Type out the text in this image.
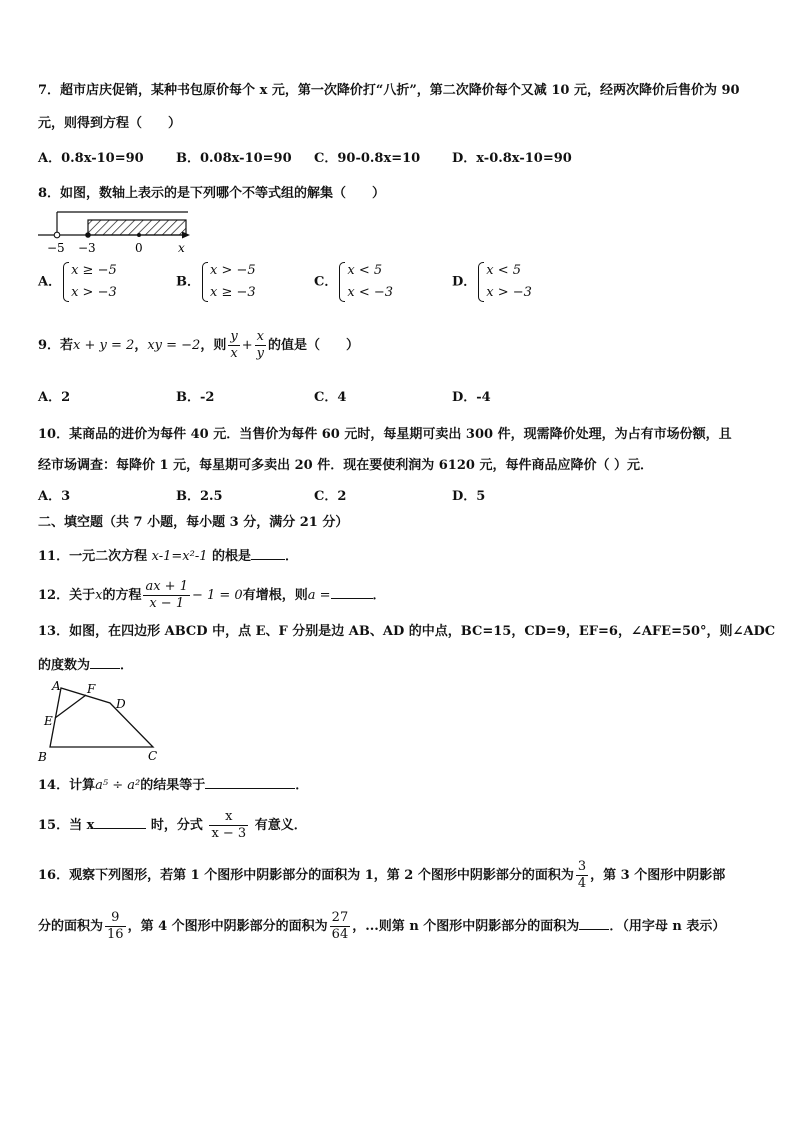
7．超市店庆促销，某种书包原价每个 x 元，第一次降价打“八折”，第二次降价每个又减 10 元，经两次降价后售价为 90
元，则得到方程（　　）
A．0.8x-10=90 B．0.08x-10=90 C．90-0.8x=10 D．x-0.8x-10=90
8．如图，数轴上表示的是下列哪个不等式组的解集（　　）
−5 −3	0	x
A．
x ≥ −5
x > −3
B．
x > −5
x ≥ −3
C．
x < 5
x < −3
D．
x < 5
x > −3
9．若x + y = 2，xy = −2，则 $\frac{y}{x} + \frac{x}{y}$ 的值是（　　）
A．2	B．-2	C．4	D．-4
10．某商品的进价为每件 40 元．当售价为每件 60 元时，每星期可卖出 300 件，现需降价处理，为占有市场份额，且
经市场调查：每降价 1 元，每星期可多卖出 20 件．现在要使利润为 6120 元，每件商品应降价（ ）元．
A．3	B．2.5	C．2	D．5
二、填空题（共 7 小题，每小题 3 分，满分 21 分）
11．一元二次方程 x-1=x²-1 的根是	．
12．关于x的方程 $\frac{ax + 1}{x - 1} - 1 = 0$有增根，则a =	．
13．如图，在四边形 ABCD 中，点 E、F 分别是边 AB、AD 的中点，BC=15，CD=9，EF=6，∠AFE=50°，则∠ADC
的度数为 ．
A
B	C
D
E
F
14．计算a⁵ ÷ a²的结果等于	．
15．当 x	时，分式 $\frac{x}{x - 3}$ 有意义．
16．观察下列图形，若第 1 个图形中阴影部分的面积为 1，第 2 个图形中阴影部分的面积为 $\frac{3}{4}$ ，第 3 个图形中阴影部
分的面积为 $\frac{9}{16}$ ，第 4 个图形中阴影部分的面积为 $\frac{27}{64}$ ，...则第 n 个图形中阴影部分的面积为 ．（用字母 n 表示）
